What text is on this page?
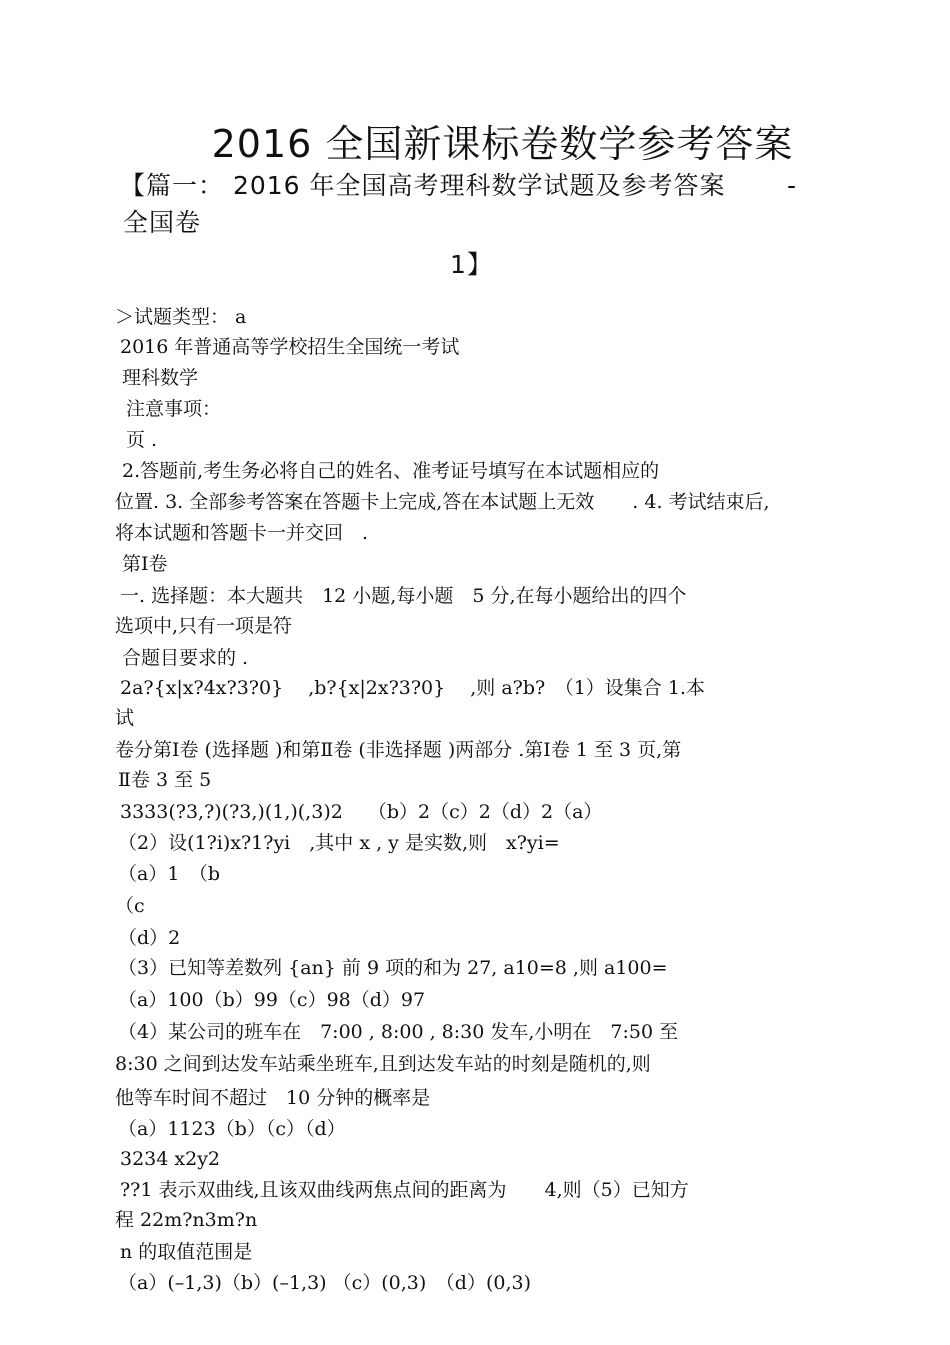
2016 全国新课标卷数学参考答案
【篇一： 2016 年全国高考理科数学试题及参考答案 -
全国卷
1】
＞试题类型： a
2016 年普通高等学校招生全国统一考试
理科数学
注意事项：
页 .
2.答题前,考生务必将自己的姓名、准考证号填写在本试题相应的
位置. 3. 全部参考答案在答题卡上完成,答在本试题上无效　　. 4. 考试结束后,
将本试题和答题卡一并交回　.
第Ⅰ卷
一. 选择题：本大题共　12 小题,每小题　5 分,在每小题给出的四个
选项中,只有一项是符
合题目要求的 .
2a?{x|x?4x?3?0}　 ,b?{x|2x?3?0}　 ,则 a?b?　（1）设集合 1.本
试
卷分第Ⅰ卷 (选择题 )和第Ⅱ卷 (非选择题 )两部分 .第Ⅰ卷 1 至 3 页,第
Ⅱ卷 3 至 5
3333(?3,?)(?3,)(1,)(,3)2　 （b）2（c）2（d）2（a）
（2）设(1?i)x?1?yi　,其中 x , y 是实数,则　x?yi=
（a）1　（b
（c
（d）2
（3）已知等差数列 {an} 前 9 项的和为 27, a10=8 ,则 a100=
（a）100（b）99（c）98（d）97
（4）某公司的班车在　7:00 , 8:00 , 8:30 发车,小明在　7:50 至
8:30 之间到达发车站乘坐班车,且到达发车站的时刻是随机的,则
他等车时间不超过　10 分钟的概率是
（a）1123（b）（c）（d）
3234 x2y2
??1 表示双曲线,且该双曲线两焦点间的距离为　　4,则（5）已知方
程 22m?n3m?n
n 的取值范围是
（a）(–1,3)（b）(–1,3) （c）(0,3)　（d）(0,3)
